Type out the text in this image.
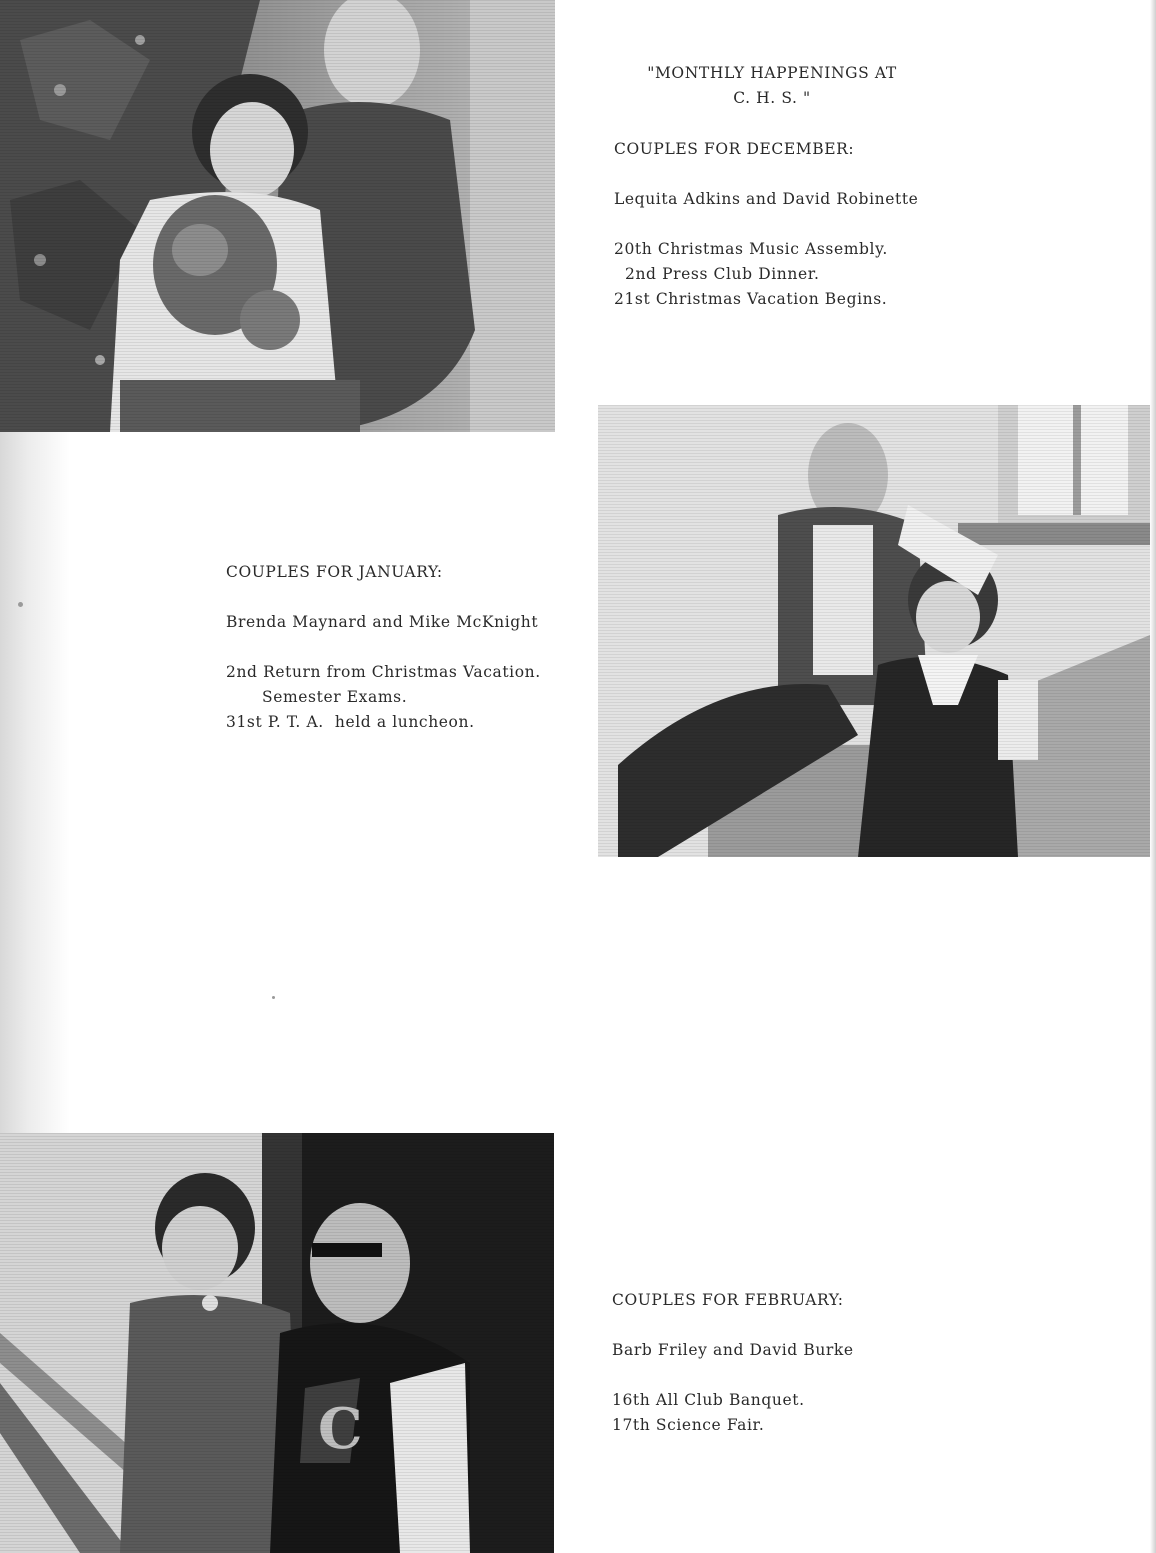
"MONTHLY HAPPENINGS AT

C. H. S. "

COUPLES FOR DECEMBER:

Lequita Adkins and David Robinette

20th Christmas Music Assembly.

2nd Press Club Dinner.

21st Christmas Vacation Begins.

COUPLES FOR JANUARY:

Brenda Maynard and Mike McKnight

2nd Return from Christmas Vacation.

Semester Exams.

31st P. T. A.  held a luncheon.

COUPLES FOR FEBRUARY:

Barb Friley and David Burke

16th All Club Banquet.

17th Science Fair.
